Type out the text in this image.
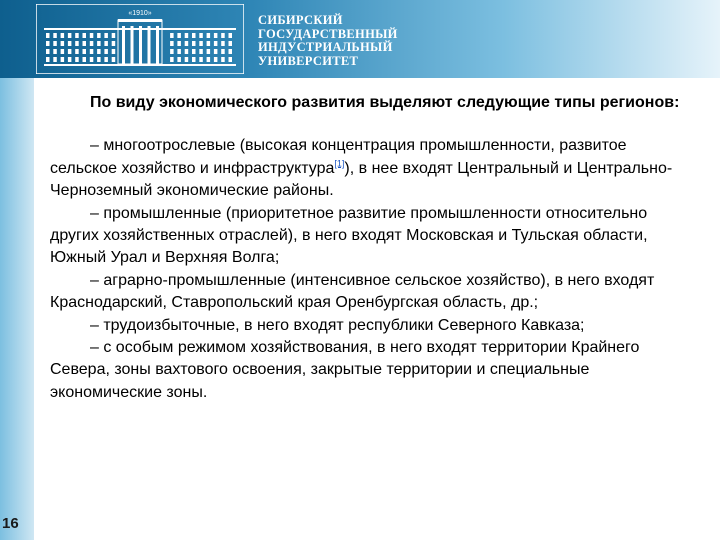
«1910»	СИБИРСКИЙ
ГОСУДАРСТВЕННЫЙ
ИНДУСТРИАЛЬНЫЙ
УНИВЕРСИТЕТ

По виду экономического развития выделяют следующие типы регионов:

– многоотрослевые (высокая концентрация промышленности, развитое сельское хозяйство и инфраструктура[1]), в нее входят Центральный и Центрально-Черноземный экономические районы.

– промышленные (приоритетное развитие промышленности относительно других хозяйственных отраслей), в него входят Московская и Тульская области, Южный Урал и Верхняя Волга;

– аграрно-промышленные (интенсивное сельское хозяйство), в него входят Краснодарский, Ставропольский края Оренбургская область, др.;

– трудоизбыточные, в него входят республики Северного Кавказа;

– с особым режимом хозяйствования, в него входят территории Крайнего Севера, зоны вахтового освоения, закрытые территории и специальные экономические зоны.

16
